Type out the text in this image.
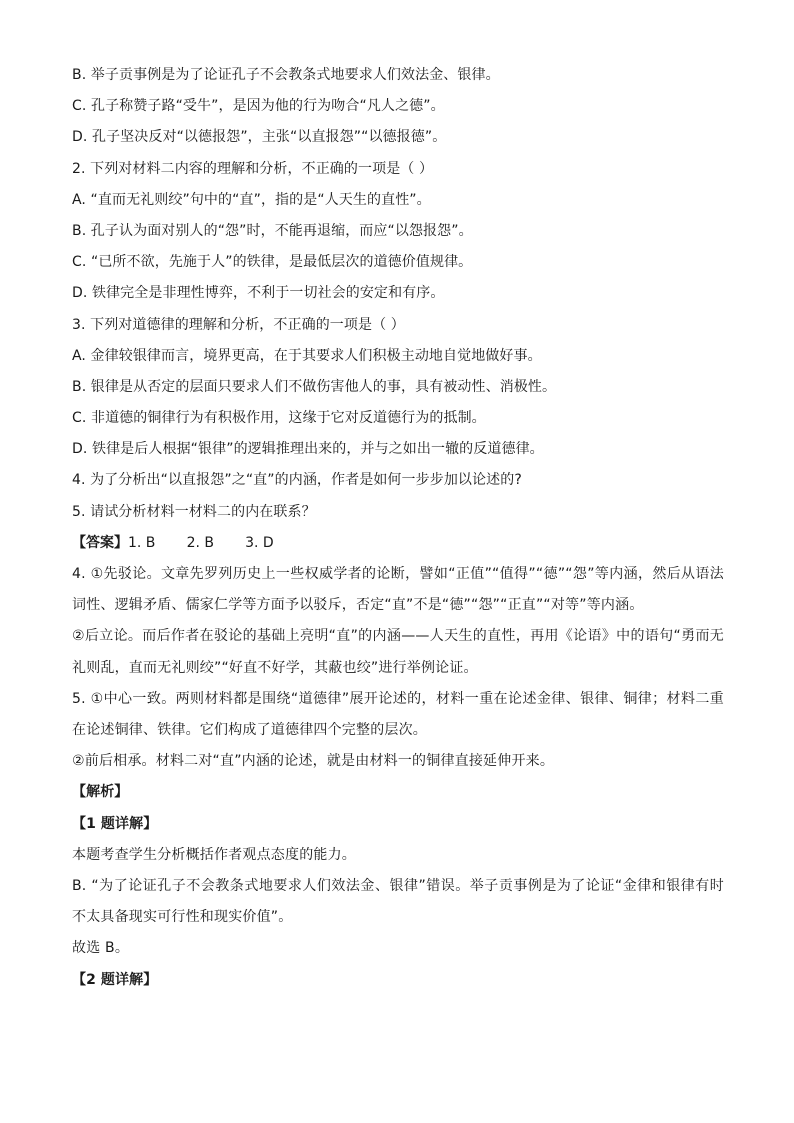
B. 举子贡事例是为了论证孔子不会教条式地要求人们效法金、银律。
C. 孔子称赞子路“受牛”，是因为他的行为吻合“凡人之德”。
D. 孔子坚决反对“以德报怨”，主张“以直报怨”“以德报德”。
2. 下列对材料二内容的理解和分析，不正确的一项是（ ）
A. “直而无礼则绞”句中的“直”，指的是“人天生的直性”。
B. 孔子认为面对别人的“怨”时，不能再退缩，而应“以怨报怨”。
C. “已所不欲，先施于人”的铁律，是最低层次的道德价值规律。
D. 铁律完全是非理性博弈，不利于一切社会的安定和有序。
3. 下列对道德律的理解和分析，不正确的一项是（ ）
A. 金律较银律而言，境界更高，在于其要求人们积极主动地自觉地做好事。
B. 银律是从否定的层面只要求人们不做伤害他人的事，具有被动性、消极性。
C. 非道德的铜律行为有积极作用，这缘于它对反道德行为的抵制。
D. 铁律是后人根据“银律”的逻辑推理出来的，并与之如出一辙的反道德律。
4. 为了分析出“以直报怨”之“直”的内涵，作者是如何一步步加以论述的?
5. 请试分析材料一材料二的内在联系？
【答案】1. B       2. B       3. D
4. ①先驳论。文章先罗列历史上一些权威学者的论断，譬如“正值”“值得”“德”“怨”等内涵，然后从语法词性、逻辑矛盾、儒家仁学等方面予以驳斥，否定“直”不是“德”“怨”“正直”“对等”等内涵。
②后立论。而后作者在驳论的基础上亮明“直”的内涵——人天生的直性，再用《论语》中的语句“勇而无礼则乱，直而无礼则绞”“好直不好学，其蔽也绞”进行举例论证。
5. ①中心一致。两则材料都是围绕“道德律”展开论述的，材料一重在论述金律、银律、铜律；材料二重在论述铜律、铁律。它们构成了道德律四个完整的层次。
②前后相承。材料二对“直”内涵的论述，就是由材料一的铜律直接延伸开来。
【解析】
【1 题详解】
本题考查学生分析概括作者观点态度的能力。
B. “为了论证孔子不会教条式地要求人们效法金、银律”错误。举子贡事例是为了论证“金律和银律有时不太具备现实可行性和现实价值”。
故选 B。
【2 题详解】
